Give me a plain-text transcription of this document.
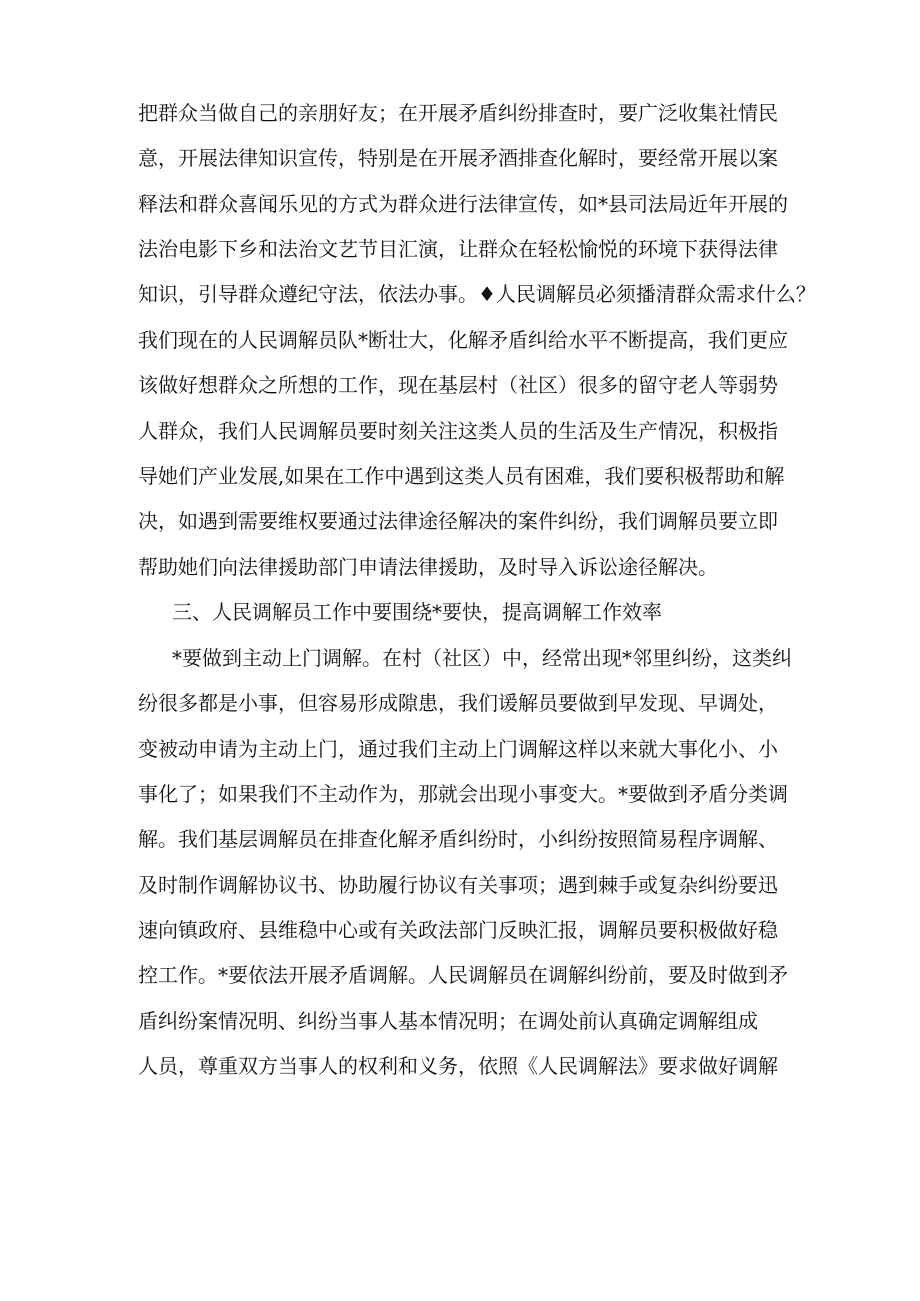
把群众当做自己的亲朋好友；在开展矛盾纠纷排查时，要广泛收集社情民
意，开展法律知识宣传，特别是在开展矛酒排查化解时，要经常开展以案
释法和群众喜闻乐见的方式为群众进行法律宣传，如*县司法局近年开展的
法治电影下乡和法治文艺节目汇演，让群众在轻松愉悦的环境下获得法律
知识，引导群众遵纪守法，依法办事。♦人民调解员必须播清群众需求什么？
我们现在的人民调解员队*断壮大，化解矛盾纠给水平不断提高，我们更应
该做好想群众之所想的工作，现在基层村（社区）很多的留守老人等弱势
人群众，我们人民调解员要时刻关注这类人员的生活及生产情况，积极指
导她们产业发展,如果在工作中遇到这类人员有困难，我们要积极帮助和解
决，如遇到需要维权要通过法律途径解决的案件纠纷，我们调解员要立即
帮助她们向法律援助部门申请法律援助，及时导入诉讼途径解决。
三、人民调解员工作中要围绕*要快，提高调解工作效率
*要做到主动上门调解。在村（社区）中，经常出现*邻里纠纷，这类纠
纷很多都是小事，但容易形成隙患，我们谖解员要做到早发现、早调处，
变被动申请为主动上门，通过我们主动上门调解这样以来就大事化小、小
事化了；如果我们不主动作为，那就会出现小事变大。*要做到矛盾分类调
解。我们基层调解员在排查化解矛盾纠纷时，小纠纷按照简易程序调解、
及时制作调解协议书、协助履行协议有关事项；遇到棘手或复杂纠纷要迅
速向镇政府、县维稳中心或有关政法部门反映汇报，调解员要积极做好稳
控工作。*要依法开展矛盾调解。人民调解员在调解纠纷前，要及时做到矛
盾纠纷案情况明、纠纷当事人基本情况明；在调处前认真确定调解组成
人员，尊重双方当事人的权利和义务，依照《人民调解法》要求做好调解
